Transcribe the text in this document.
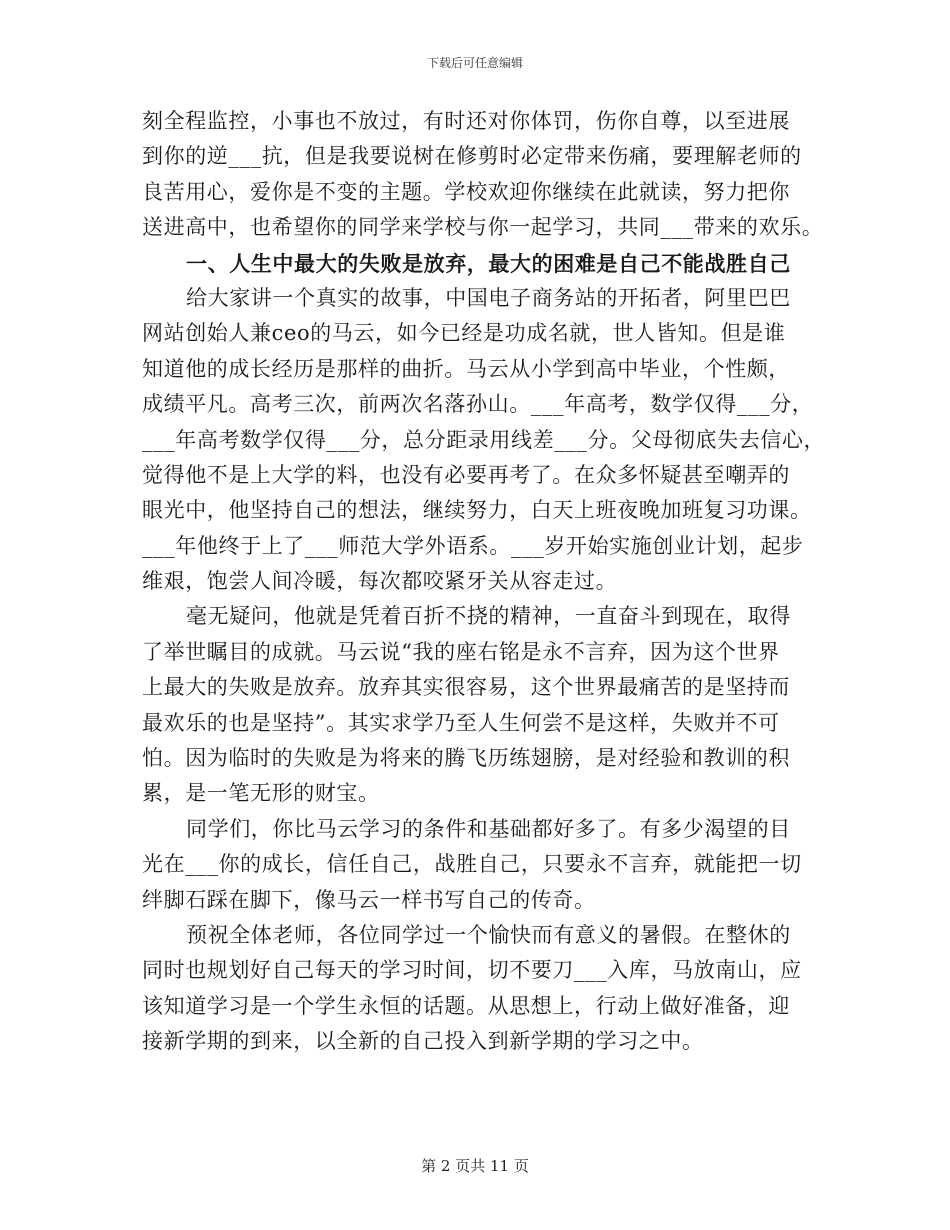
下载后可任意编辑
刻全程监控，小事也不放过，有时还对你体罚，伤你自尊，以至进展
到你的逆___抗，但是我要说树在修剪时必定带来伤痛，要理解老师的
良苦用心，爱你是不变的主题。学校欢迎你继续在此就读，努力把你
送进高中，也希望你的同学来学校与你一起学习，共同___带来的欢乐。
一、人生中最大的失败是放弃，最大的困难是自己不能战胜自己
给大家讲一个真实的故事，中国电子商务站的开拓者，阿里巴巴
网站创始人兼ceo的马云，如今已经是功成名就，世人皆知。但是谁
知道他的成长经历是那样的曲折。马云从小学到高中毕业，个性颇，
成绩平凡。高考三次，前两次名落孙山。___年高考，数学仅得___分，
___年高考数学仅得___分，总分距录用线差___分。父母彻底失去信心，
觉得他不是上大学的料，也没有必要再考了。在众多怀疑甚至嘲弄的
眼光中，他坚持自己的想法，继续努力，白天上班夜晚加班复习功课。
___年他终于上了___师范大学外语系。___岁开始实施创业计划，起步
维艰，饱尝人间冷暖，每次都咬紧牙关从容走过。
毫无疑问，他就是凭着百折不挠的精神，一直奋斗到现在，取得
了举世瞩目的成就。马云说“我的座右铭是永不言弃，因为这个世界
上最大的失败是放弃。放弃其实很容易，这个世界最痛苦的是坚持而
最欢乐的也是坚持”。其实求学乃至人生何尝不是这样，失败并不可
怕。因为临时的失败是为将来的腾飞历练翅膀，是对经验和教训的积
累，是一笔无形的财宝。
同学们，你比马云学习的条件和基础都好多了。有多少渴望的目
光在___你的成长，信任自己，战胜自己，只要永不言弃，就能把一切
绊脚石踩在脚下，像马云一样书写自己的传奇。
预祝全体老师，各位同学过一个愉快而有意义的暑假。在整休的
同时也规划好自己每天的学习时间，切不要刀___入库，马放南山，应
该知道学习是一个学生永恒的话题。从思想上，行动上做好准备，迎
接新学期的到来，以全新的自己投入到新学期的学习之中。
第 2 页共 11 页
